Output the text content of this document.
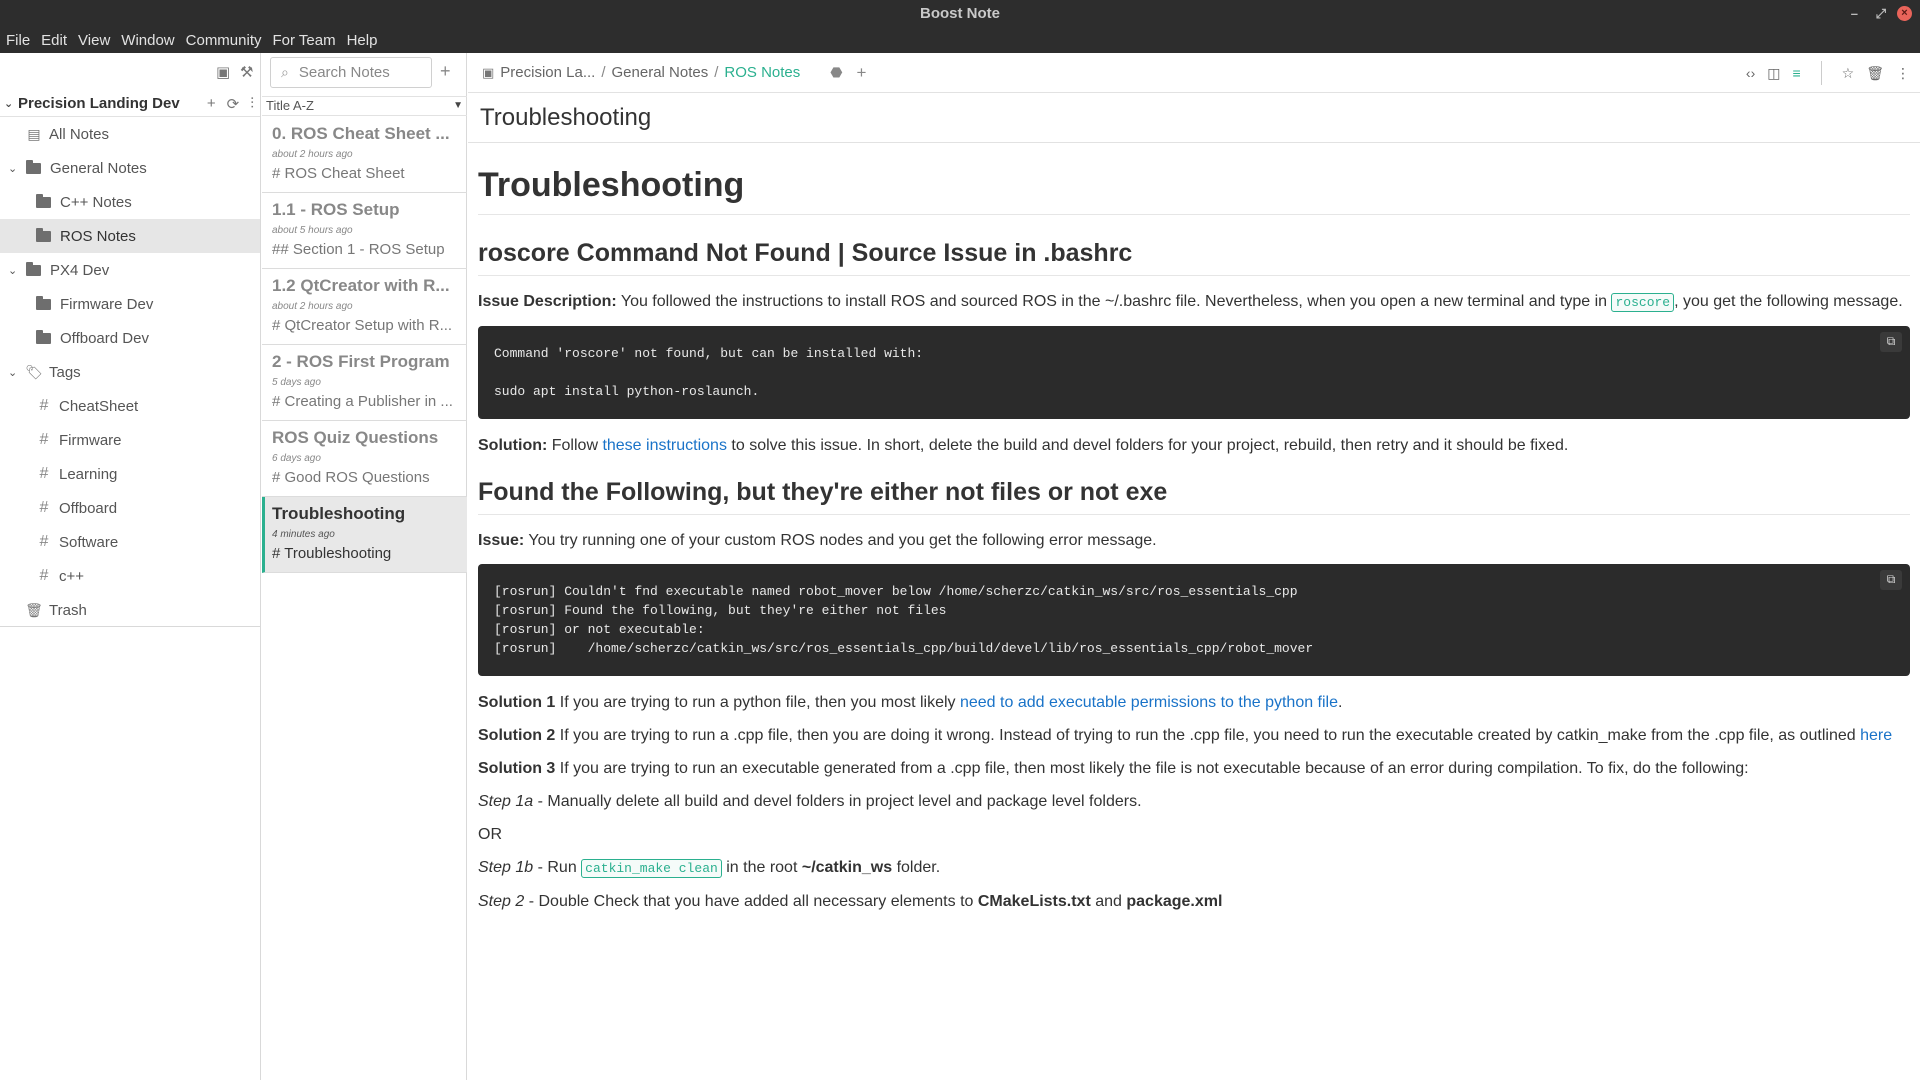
Boost Note	– ⤢	×
File Edit View Window Community For Team Help
▣ ⚒
⌄ Precision Landing Dev + ⟳ ⫶
▤ All Notes
⌄ General Notes
C++ Notes
ROS Notes
⌄ PX4 Dev
Firmware Dev
Offboard Dev
⌄ 🏷 Tags
# CheatSheet
# Firmware
# Learning
# Offboard
# Software
# c++
🗑 Trash
⌕ Search Notes	+
Title A-Z	▼
0. ROS Cheat Sheet ...
about 2 hours ago
# ROS Cheat Sheet
1.1 - ROS Setup
about 5 hours ago
## Section 1 - ROS Setup
1.2 QtCreator with R...
about 2 hours ago
# QtCreator Setup with R...
2 - ROS First Program
5 days ago
# Creating a Publisher in ...
ROS Quiz Questions
6 days ago
# Good ROS Questions
Troubleshooting
4 minutes ago
# Troubleshooting
▣ Precision La... / General Notes / ROS Notes ⬣ +	‹› ◫ ≡	☆ 🗑 ⋮
Troubleshooting
Troubleshooting
roscore Command Not Found | Source Issue in .bashrc

Issue Description: You followed the instructions to install ROS and sourced ROS in the ~/.bashrc file. Nevertheless, when you open a new terminal and type in roscore , you get the following message.

⧉
Command 'roscore' not found, but can be installed with:

sudo apt install python-roslaunch.

Solution: Follow these instructions to solve this issue. In short, delete the build and devel folders for your project, rebuild, then retry and it should be fixed.

Found the Following, but they're either not files or not exe

Issue: You try running one of your custom ROS nodes and you get the following error message.

⧉
[rosrun] Couldn't fnd executable named robot_mover below /home/scherzc/catkin_ws/src/ros_essentials_cpp
[rosrun] Found the following, but they're either not files
[rosrun] or not executable:
[rosrun]    /home/scherzc/catkin_ws/src/ros_essentials_cpp/build/devel/lib/ros_essentials_cpp/robot_mover

Solution 1 If you are trying to run a python file, then you most likely need to add executable permissions to the python file.

Solution 2 If you are trying to run a .cpp file, then you are doing it wrong. Instead of trying to run the .cpp file, you need to run the executable created by catkin_make from the .cpp file, as outlined here

Solution 3 If you are trying to run an executable generated from a .cpp file, then most likely the file is not executable because of an error during compilation. To fix, do the following:

Step 1a - Manually delete all build and devel folders in project level and package level folders.

OR

Step 1b - Run catkin_make clean in the root ~/catkin_ws folder.

Step 2 - Double Check that you have added all necessary elements to CMakeLists.txt and package.xml
